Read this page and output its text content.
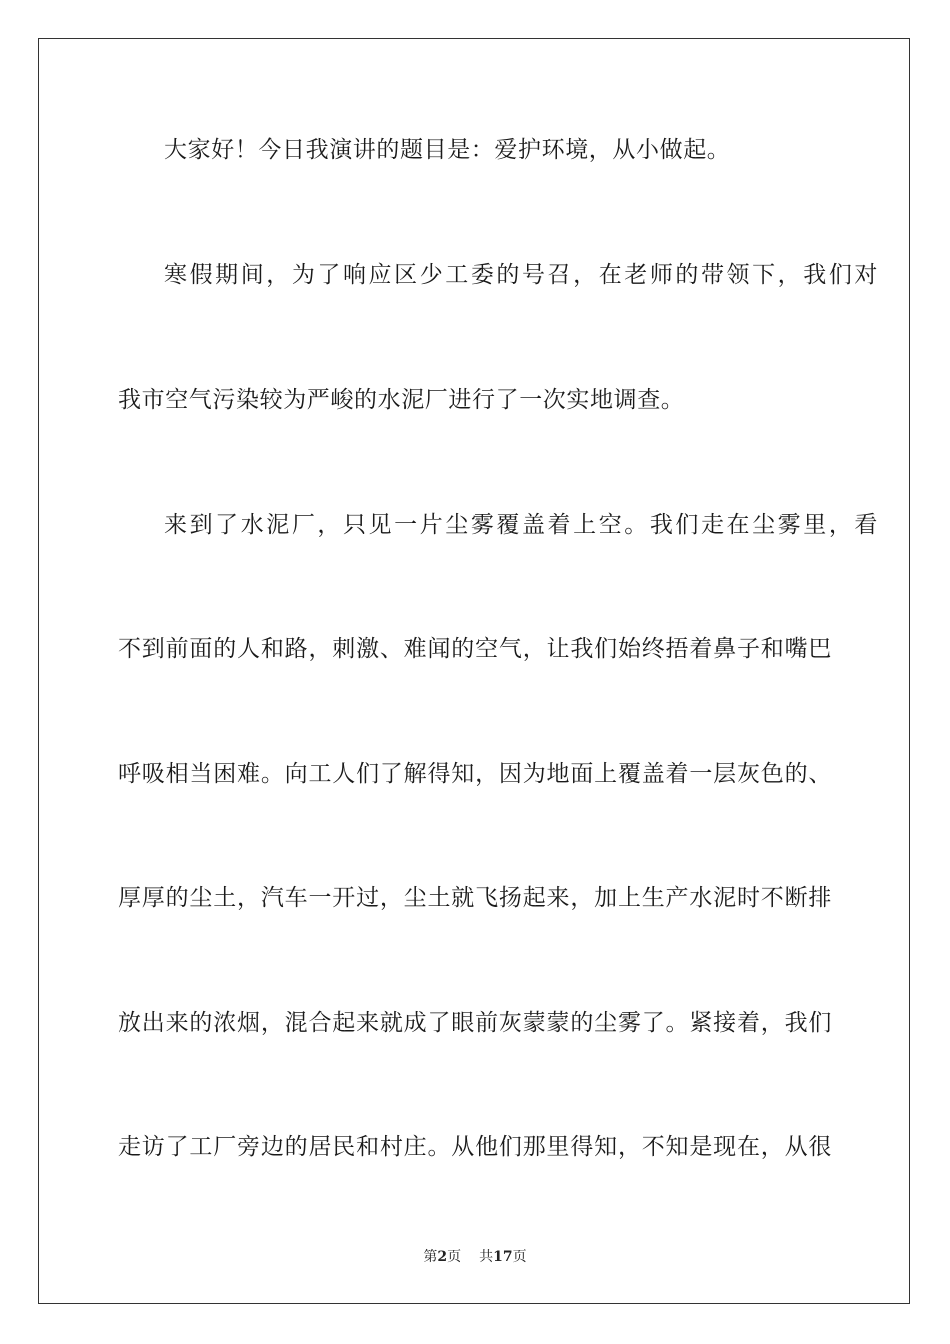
大家好！今日我演讲的题目是：爱护环境，从小做起。
寒假期间，为了响应区少工委的号召，在老师的带领下，我们对
我市空气污染较为严峻的水泥厂进行了一次实地调查。
来到了水泥厂，只见一片尘雾覆盖着上空。我们走在尘雾里，看
不到前面的人和路，刺激、难闻的空气，让我们始终捂着鼻子和嘴巴
呼吸相当困难。向工人们了解得知，因为地面上覆盖着一层灰色的、
厚厚的尘土，汽车一开过，尘土就飞扬起来，加上生产水泥时不断排
放出来的浓烟，混合起来就成了眼前灰蒙蒙的尘雾了。紧接着，我们
走访了工厂旁边的居民和村庄。从他们那里得知，不知是现在，从很
第2页 共17页
